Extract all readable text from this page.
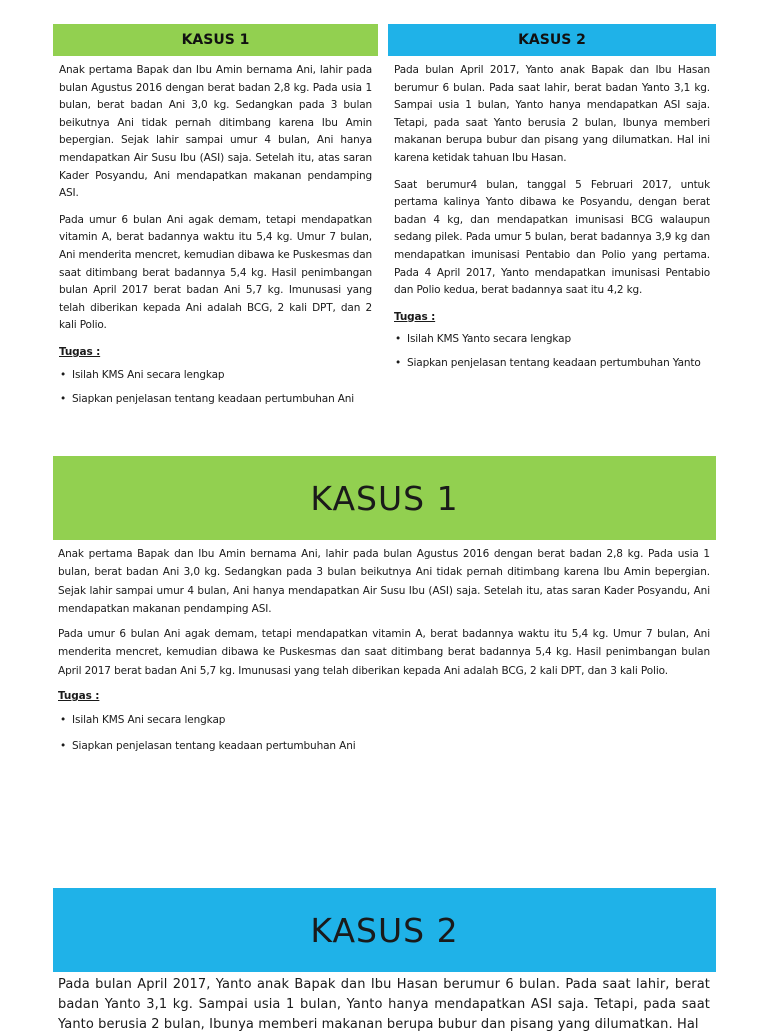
KASUS 1

Anak pertama Bapak dan Ibu Amin bernama Ani, lahir pada bulan Agustus 2016 dengan berat badan 2,8 kg. Pada usia 1 bulan, berat badan Ani 3,0 kg. Sedangkan pada 3 bulan beikutnya Ani tidak pernah ditimbang karena Ibu Amin bepergian. Sejak lahir sampai umur 4 bulan, Ani hanya mendapatkan Air Susu Ibu (ASI) saja. Setelah itu, atas saran Kader Posyandu, Ani mendapatkan makanan pendamping ASI.

Pada umur 6 bulan Ani agak demam, tetapi mendapatkan vitamin A, berat badannya waktu itu 5,4 kg. Umur 7 bulan, Ani menderita mencret, kemudian dibawa ke Puskesmas dan saat ditimbang berat badannya 5,4 kg. Hasil penimbangan bulan April 2017 berat badan Ani 5,7 kg. Imunusasi yang telah diberikan kepada Ani adalah BCG, 2 kali DPT, dan 2 kali Polio.

Tugas :

• Isilah KMS Ani secara lengkap
• Siapkan penjelasan tentang keadaan pertumbuhan Ani
KASUS 2

Pada bulan April 2017, Yanto anak Bapak dan Ibu Hasan berumur 6 bulan. Pada saat lahir, berat badan Yanto 3,1 kg. Sampai usia 1 bulan, Yanto hanya mendapatkan ASI saja. Tetapi, pada saat Yanto berusia 2 bulan, Ibunya memberi makanan berupa bubur dan pisang yang dilumatkan. Hal ini karena ketidak tahuan Ibu Hasan.

Saat berumur4 bulan, tanggal 5 Februari 2017, untuk pertama kalinya Yanto dibawa ke Posyandu, dengan berat badan 4 kg, dan mendapatkan imunisasi BCG walaupun sedang pilek. Pada umur 5 bulan, berat badannya 3,9 kg dan mendapatkan imunisasi Pentabio dan Polio yang pertama. Pada 4 April 2017, Yanto mendapatkan imunisasi Pentabio dan Polio kedua, berat badannya saat itu 4,2 kg.

Tugas :

• Isilah KMS Yanto secara lengkap
• Siapkan penjelasan tentang keadaan pertumbuhan Yanto
KASUS 1

Anak pertama Bapak dan Ibu Amin bernama Ani, lahir pada bulan Agustus 2016 dengan berat badan 2,8 kg. Pada usia 1 bulan, berat badan Ani 3,0 kg. Sedangkan pada 3 bulan beikutnya Ani tidak pernah ditimbang karena Ibu Amin bepergian. Sejak lahir sampai umur 4 bulan, Ani hanya mendapatkan Air Susu Ibu (ASI) saja. Setelah itu, atas saran Kader Posyandu, Ani mendapatkan makanan pendamping ASI.

Pada umur 6 bulan Ani agak demam, tetapi mendapatkan vitamin A, berat badannya waktu itu 5,4 kg. Umur 7 bulan, Ani menderita mencret, kemudian dibawa ke Puskesmas dan saat ditimbang berat badannya 5,4 kg. Hasil penimbangan bulan April 2017 berat badan Ani 5,7 kg. Imunusasi yang telah diberikan kepada Ani adalah BCG, 2 kali DPT, dan 3 kali Polio.

Tugas :

• Isilah KMS Ani secara lengkap
• Siapkan penjelasan tentang keadaan pertumbuhan Ani
KASUS 2

Pada bulan April 2017, Yanto anak Bapak dan Ibu Hasan berumur 6 bulan. Pada saat lahir, berat badan Yanto 3,1 kg. Sampai usia 1 bulan, Yanto hanya mendapatkan ASI saja. Tetapi, pada saat Yanto berusia 2 bulan, Ibunya memberi makanan berupa bubur dan pisang yang dilumatkan. Hal
